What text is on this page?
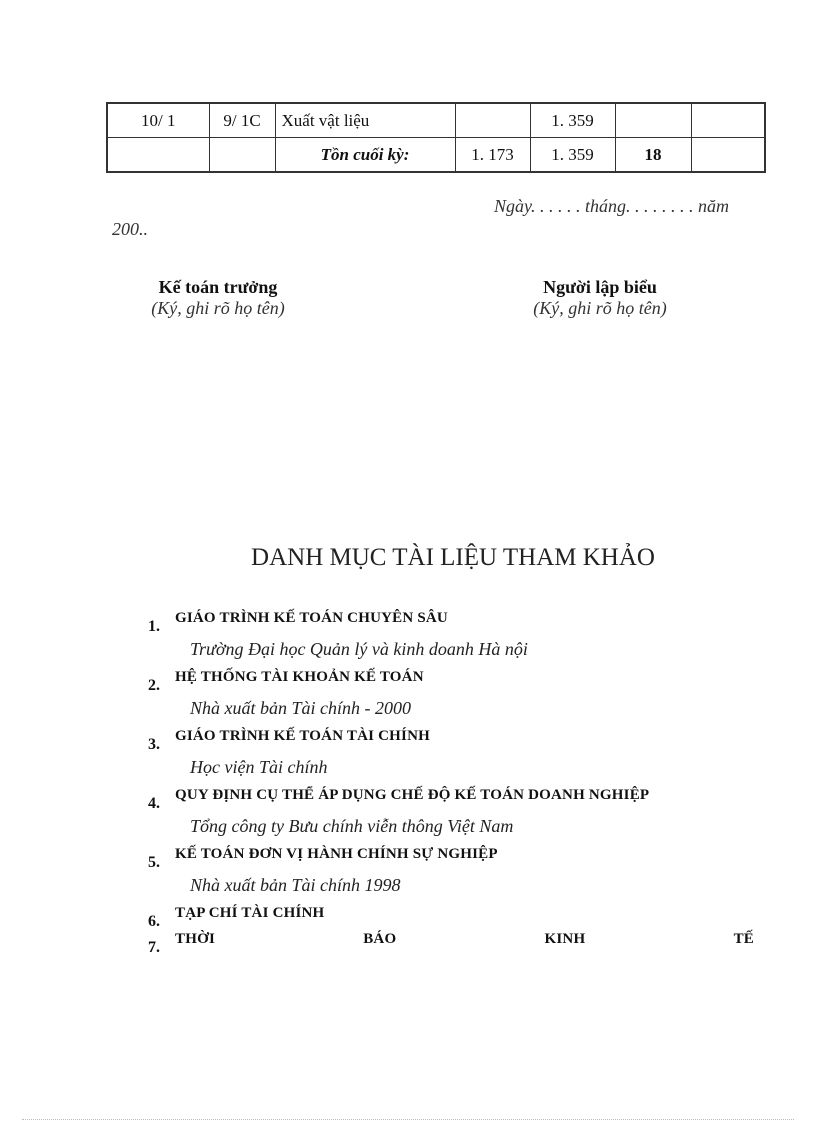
10/ 1	9/ 1C	Xuất vật liệu		1. 359		
		Tồn cuối kỳ:	1. 173	1. 359	18	
Ngày. . . . . . tháng. . . . . . . . năm
200..
Kế toán trưởng
(Ký, ghi rõ họ tên)
Người lập biểu
(Ký, ghi rõ họ tên)
DANH MỤC TÀI LIỆU THAM KHẢO
1. GIÁO TRÌNH KẾ TOÁN CHUYÊN SÂU
Trường Đại học Quản lý và kinh doanh Hà nội
2. HỆ THỐNG TÀI KHOẢN KẾ TOÁN
Nhà xuất bản Tài chính - 2000
3. GIÁO TRÌNH KẾ TOÁN TÀI CHÍNH
Học viện Tài chính
4. QUY ĐỊNH CỤ THỂ ÁP DỤNG CHẾ ĐỘ KẾ TOÁN DOANH NGHIỆP
Tổng công ty Bưu chính viễn thông Việt Nam
5. KẾ TOÁN ĐƠN VỊ HÀNH CHÍNH SỰ NGHIỆP
Nhà xuất bản Tài chính 1998
6. TẠP CHÍ TÀI CHÍNH
7. THỜI	BÁO	KINH	TẾ
